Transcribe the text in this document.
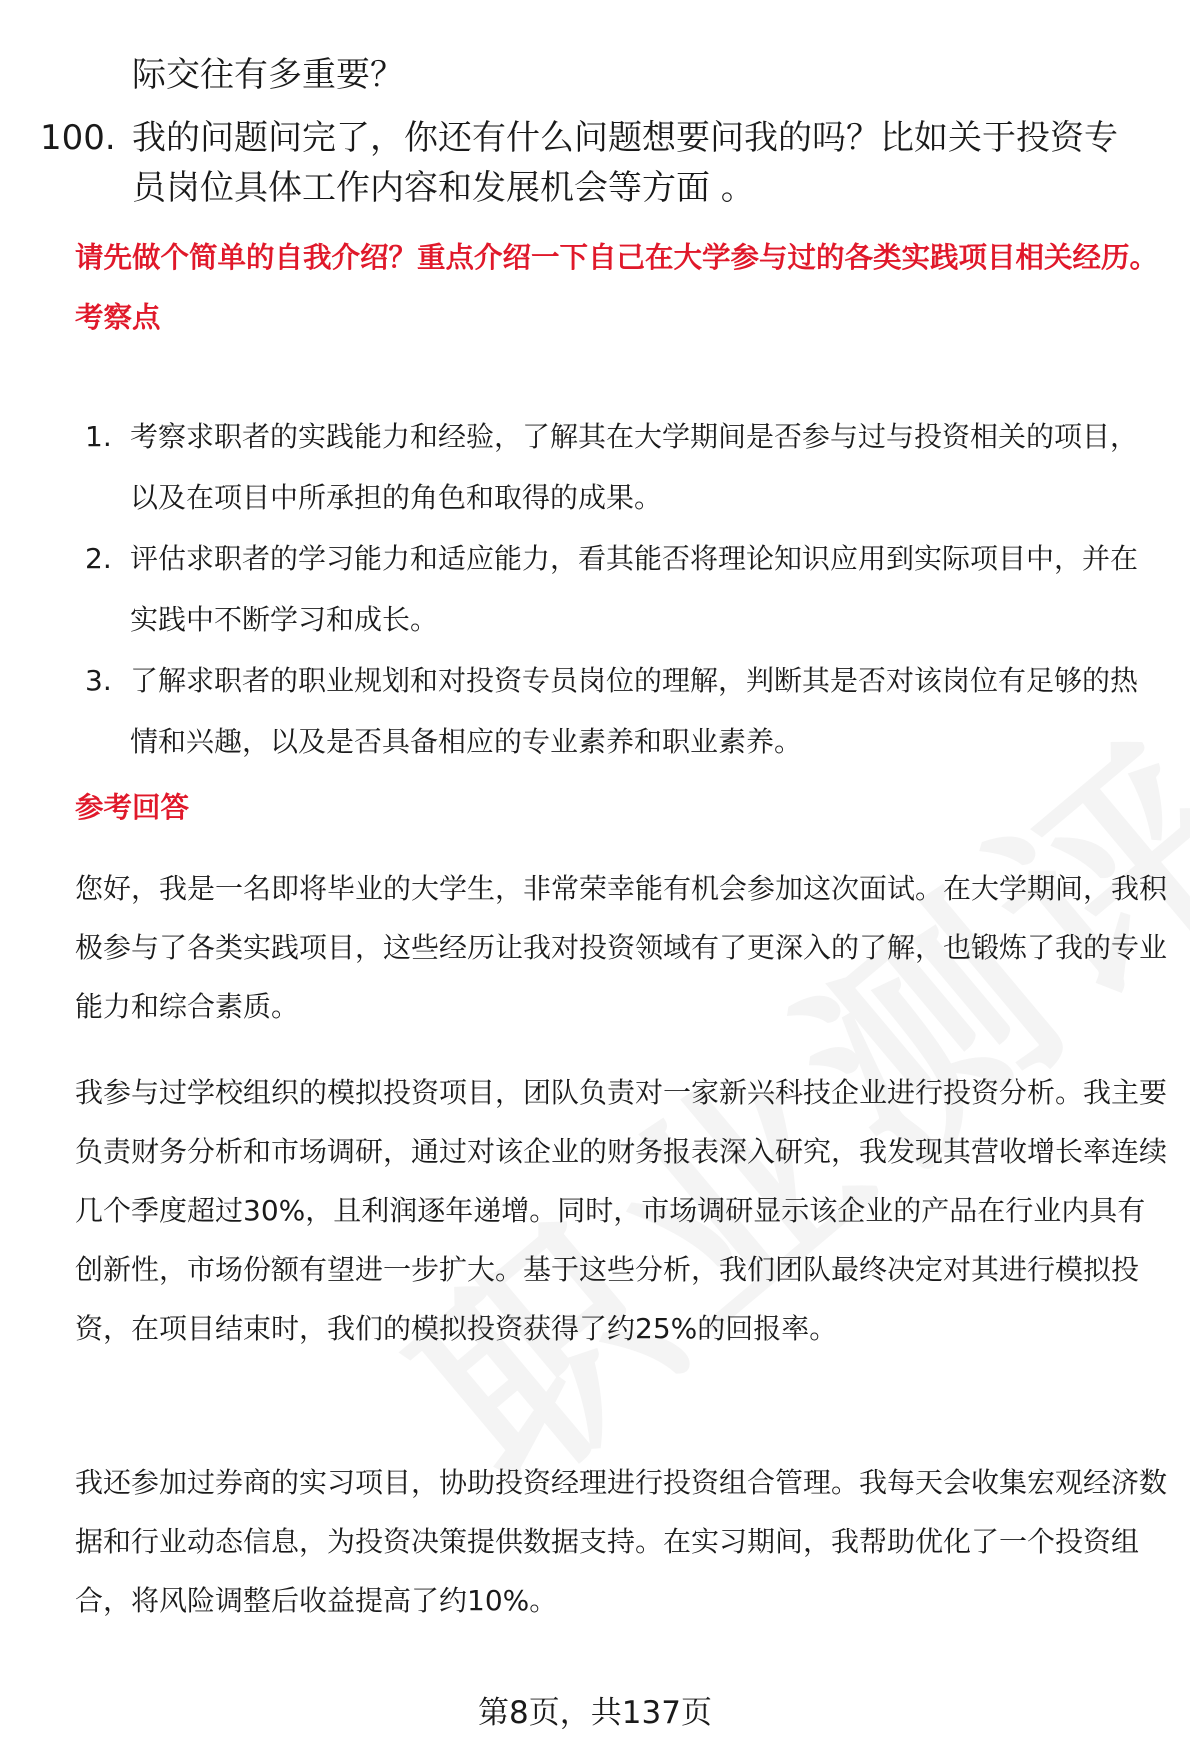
际交往有多重要？
100. 我的问题问完了，你还有什么问题想要问我的吗？比如关于投资专员岗位具体工作内容和发展机会等方面 。
请先做个简单的自我介绍？重点介绍一下自己在大学参与过的各类实践项目相关经历。
考察点
1. 考察求职者的实践能力和经验，了解其在大学期间是否参与过与投资相关的项目，以及在项目中所承担的角色和取得的成果。
2. 评估求职者的学习能力和适应能力，看其能否将理论知识应用到实际项目中，并在实践中不断学习和成长。
3. 了解求职者的职业规划和对投资专员岗位的理解，判断其是否对该岗位有足够的热情和兴趣，以及是否具备相应的专业素养和职业素养。
参考回答

您好，我是一名即将毕业的大学生，非常荣幸能有机会参加这次面试。在大学期间，我积极参与了各类实践项目，这些经历让我对投资领域有了更深入的了解，也锻炼了我的专业能力和综合素质。

我参与过学校组织的模拟投资项目，团队负责对一家新兴科技企业进行投资分析。我主要负责财务分析和市场调研，通过对该企业的财务报表深入研究，我发现其营收增长率连续几个季度超过30%，且利润逐年递增。同时，市场调研显示该企业的产品在行业内具有创新性，市场份额有望进一步扩大。基于这些分析，我们团队最终决定对其进行模拟投资，在项目结束时，我们的模拟投资获得了约25%的回报率。

我还参加过券商的实习项目，协助投资经理进行投资组合管理。我每天会收集宏观经济数据和行业动态信息，为投资决策提供数据支持。在实习期间，我帮助优化了一个投资组合，将风险调整后收益提高了约10%。

第8页，共137页
